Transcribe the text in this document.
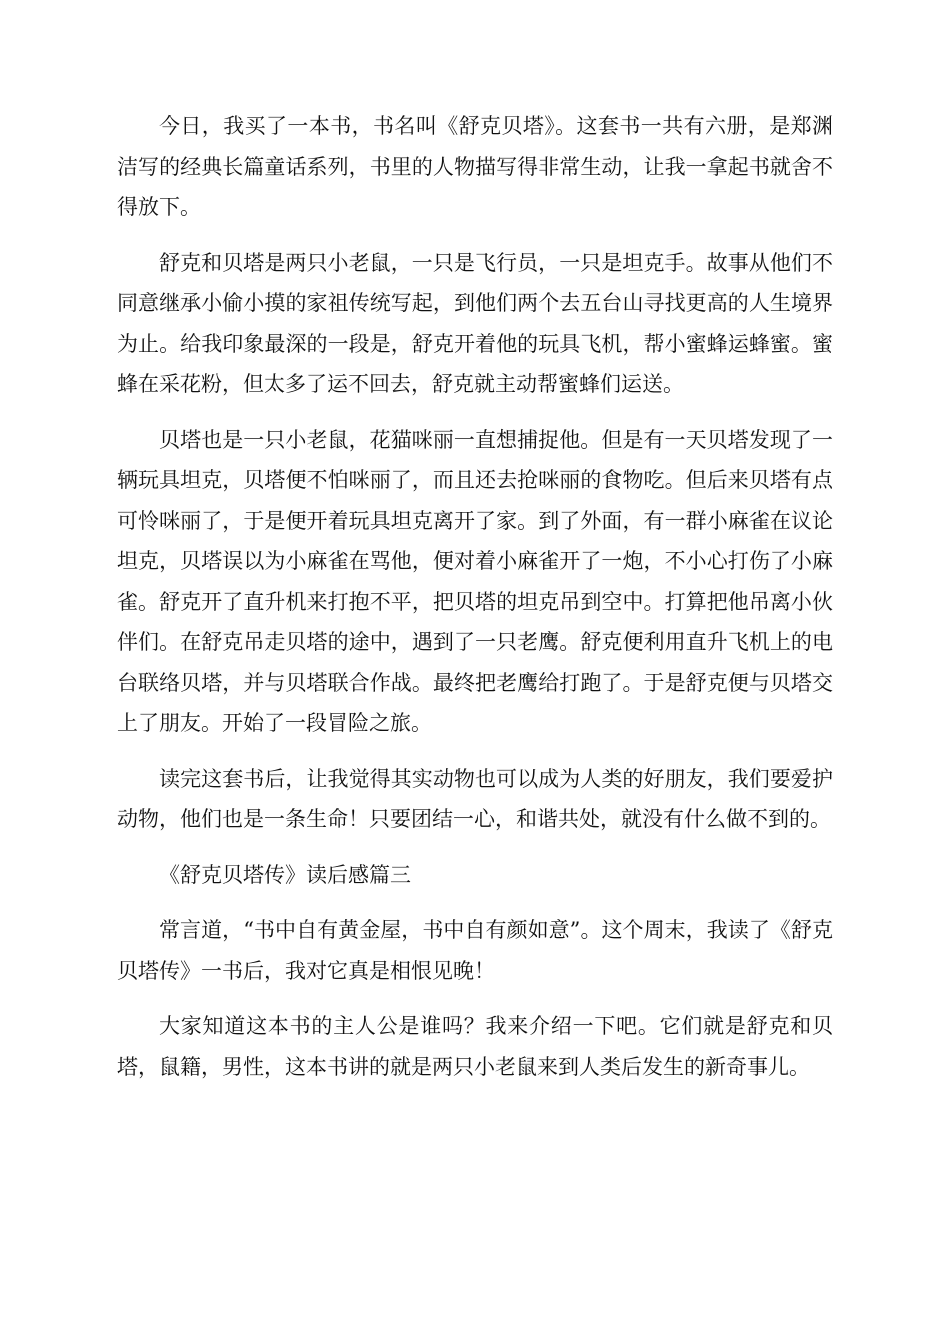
今日，我买了一本书，书名叫《舒克贝塔》。这套书一共有六册，是郑渊洁写的经典长篇童话系列，书里的人物描写得非常生动，让我一拿起书就舍不得放下。

舒克和贝塔是两只小老鼠，一只是飞行员，一只是坦克手。故事从他们不同意继承小偷小摸的家祖传统写起，到他们两个去五台山寻找更高的人生境界为止。给我印象最深的一段是，舒克开着他的玩具飞机，帮小蜜蜂运蜂蜜。蜜蜂在采花粉，但太多了运不回去，舒克就主动帮蜜蜂们运送。

贝塔也是一只小老鼠，花猫咪丽一直想捕捉他。但是有一天贝塔发现了一辆玩具坦克，贝塔便不怕咪丽了，而且还去抢咪丽的食物吃。但后来贝塔有点可怜咪丽了，于是便开着玩具坦克离开了家。到了外面，有一群小麻雀在议论坦克，贝塔误以为小麻雀在骂他，便对着小麻雀开了一炮，不小心打伤了小麻雀。舒克开了直升机来打抱不平，把贝塔的坦克吊到空中。打算把他吊离小伙伴们。在舒克吊走贝塔的途中，遇到了一只老鹰。舒克便利用直升飞机上的电台联络贝塔，并与贝塔联合作战。最终把老鹰给打跑了。于是舒克便与贝塔交上了朋友。开始了一段冒险之旅。

读完这套书后，让我觉得其实动物也可以成为人类的好朋友，我们要爱护动物，他们也是一条生命！只要团结一心，和谐共处，就没有什么做不到的。

《舒克贝塔传》读后感篇三

常言道，“书中自有黄金屋，书中自有颜如意”。这个周末，我读了《舒克贝塔传》一书后，我对它真是相恨见晚！

大家知道这本书的主人公是谁吗？我来介绍一下吧。它们就是舒克和贝塔，鼠籍，男性，这本书讲的就是两只小老鼠来到人类后发生的新奇事儿。
